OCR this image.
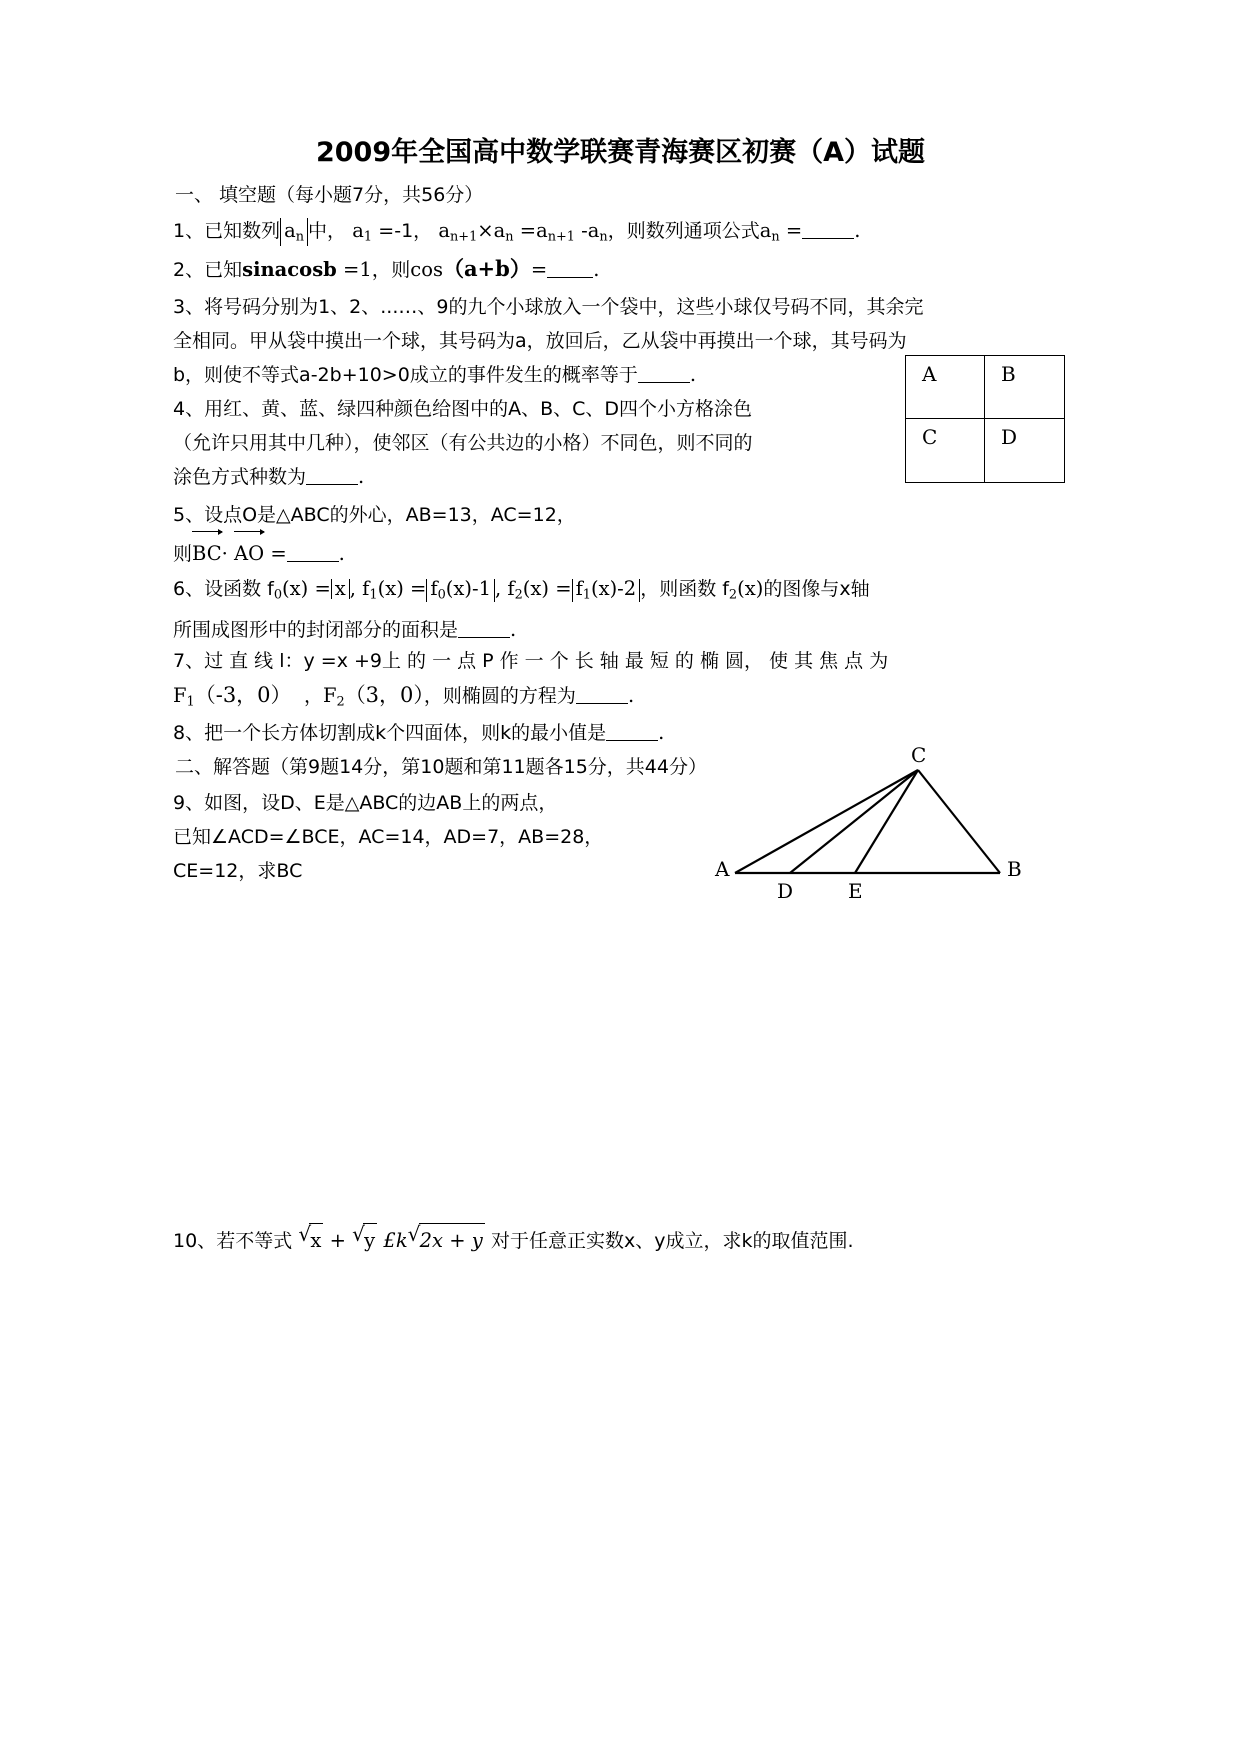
2009年全国高中数学联赛青海赛区初赛（A）试题
一、 填空题（每小题7分，共56分）
1、已知数列 $a_n$ 中， $a_1 =-1$， $a_{n+1}\times a_n =a_{n+1}$ $-a_n$，则数列通项公式$a_n$ =	.
2、已知sinacosb =1，则cos（a+b）= .
3、将号码分别为1、2、...…、9的九个小球放入一个袋中，这些小球仅号码不同，其余完
全相同。甲从袋中摸出一个球，其号码为a，放回后，乙从袋中再摸出一个球，其号码为
b，则使不等式a-2b+10>0成立的事件发生的概率等于	.	A	B
C	D
4、用红、黄、蓝、绿四种颜色给图中的A、B、C、D四个小方格涂色
（允许只用其中几种），使邻区（有公共边的小格）不同色，则不同的
涂色方式种数为	.
5、设点O是△ABC的外心，AB=13，AC=12，
则
BC· AO =	.
6、设函数 $f_0(x) = x$ , $f_1(x) = f_0(x)-1$ , $f_2(x) = f_1(x)-2$ ，则函数 $f_2(x)$的图像与x轴
所围成图形中的封闭部分的面积是	.
7、过 直 线 l：y =x +9上 的 一 点 P 作 一 个 长 轴 最 短 的 椭 圆， 使 其 焦 点 为
$F_1(-3$，0） ，$F_2(3$，0），则椭圆的方程为	.
8、把一个长方体切割成k个四面体，则k的最小值是	.
二、解答题（第9题14分，第10题和第11题各15分，共44分）
9、如图，设D、E是△ABC的边AB上的两点，
已知∠ACD=∠BCE，AC=14，AD=7，AB=28，
CE=12，求BC
C
A	B
D	E
10、若不等式 √ x + √ y £k √ 2x + y 对于任意正实数x、y成立，求k的取值范围.
